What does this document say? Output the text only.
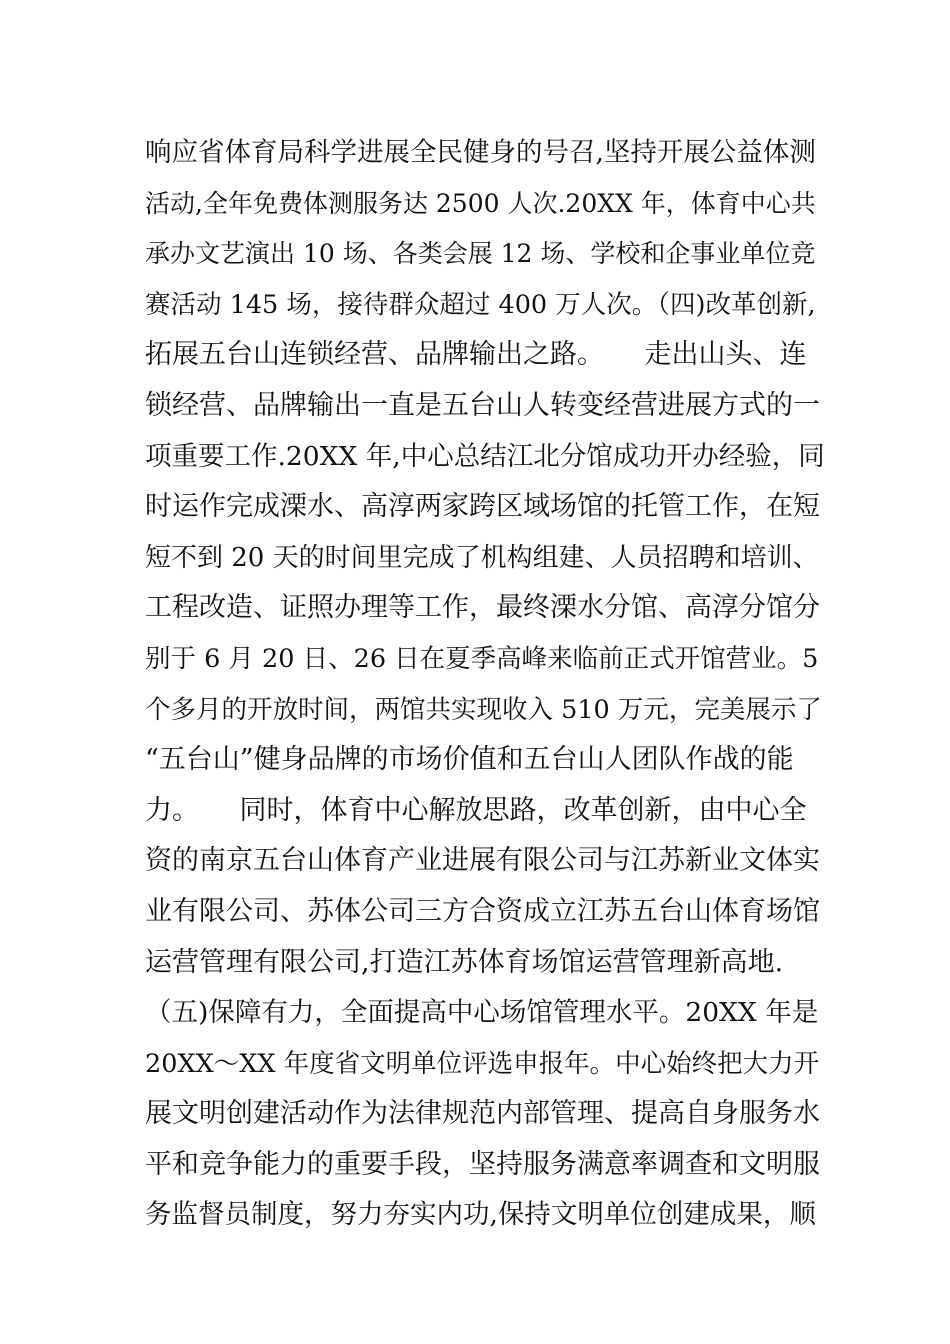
响应省体育局科学进展全民健身的号召,坚持开展公益体测
活动,全年免费体测服务达 2500 人次.20XX 年，体育中心共
承办文艺演出 10 场、各类会展 12 场、学校和企事业单位竞
赛活动 145 场，接待群众超过 400 万人次。（四)改革创新,
拓展五台山连锁经营、品牌输出之路。　　走出山头、连
锁经营、品牌输出一直是五台山人转变经营进展方式的一
项重要工作.20XX 年,中心总结江北分馆成功开办经验，同
时运作完成溧水、高淳两家跨区域场馆的托管工作，在短
短不到 20 天的时间里完成了机构组建、人员招聘和培训、
工程改造、证照办理等工作，最终溧水分馆、高淳分馆分
别于 6 月 20 日、26 日在夏季高峰来临前正式开馆营业。5
个多月的开放时间，两馆共实现收入 510 万元，完美展示了
“五台山”健身品牌的市场价值和五台山人团队作战的能
力。　　同时，体育中心解放思路，改革创新，由中心全
资的南京五台山体育产业进展有限公司与江苏新业文体实
业有限公司、苏体公司三方合资成立江苏五台山体育场馆
运营管理有限公司,打造江苏体育场馆运营管理新高地.
（五)保障有力，全面提高中心场馆管理水平。20XX 年是
20XX～XX 年度省文明单位评选申报年。中心始终把大力开
展文明创建活动作为法律规范内部管理、提高自身服务水
平和竞争能力的重要手段，坚持服务满意率调查和文明服
务监督员制度，努力夯实内功,保持文明单位创建成果，顺
